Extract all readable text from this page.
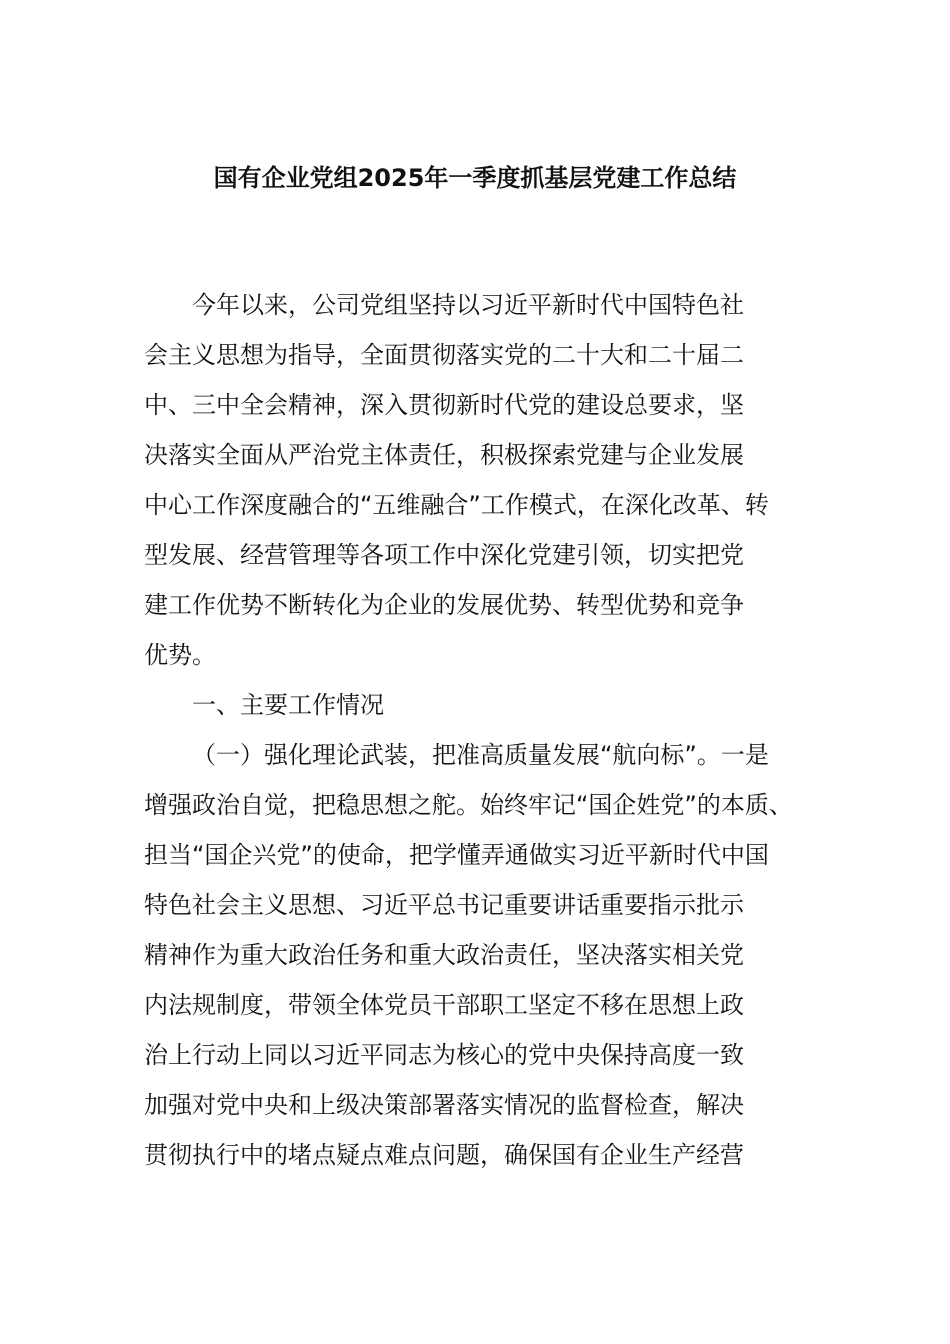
国有企业党组2025年一季度抓基层党建工作总结
今年以来，公司党组坚持以习近平新时代中国特色社
会主义思想为指导，全面贯彻落实党的二十大和二十届二
中、三中全会精神，深入贯彻新时代党的建设总要求，坚
决落实全面从严治党主体责任，积极探索党建与企业发展
中心工作深度融合的“五维融合”工作模式，在深化改革、转
型发展、经营管理等各项工作中深化党建引领，切实把党
建工作优势不断转化为企业的发展优势、转型优势和竞争
优势。
一、主要工作情况
（一）强化理论武装，把准高质量发展“航向标”。一是
增强政治自觉，把稳思想之舵。始终牢记“国企姓党”的本质、
担当“国企兴党”的使命，把学懂弄通做实习近平新时代中国
特色社会主义思想、习近平总书记重要讲话重要指示批示
精神作为重大政治任务和重大政治责任，坚决落实相关党
内法规制度，带领全体党员干部职工坚定不移在思想上政
治上行动上同以习近平同志为核心的党中央保持高度一致
加强对党中央和上级决策部署落实情况的监督检查，解决
贯彻执行中的堵点疑点难点问题，确保国有企业生产经营
